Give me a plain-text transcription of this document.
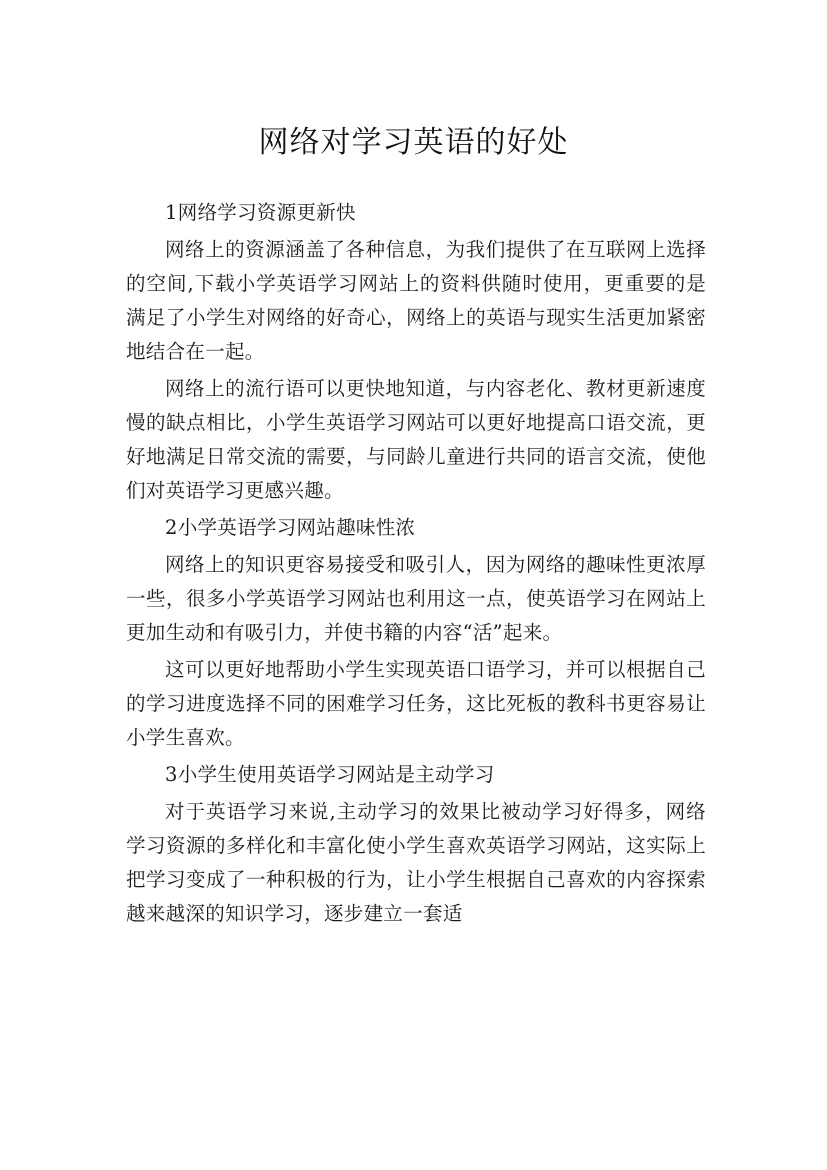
网络对学习英语的好处

1网络学习资源更新快

网络上的资源涵盖了各种信息，为我们提供了在互联网上选择的空间,下载小学英语学习网站上的资料供随时使用，更重要的是满足了小学生对网络的好奇心，网络上的英语与现实生活更加紧密地结合在一起。

网络上的流行语可以更快地知道，与内容老化、教材更新速度慢的缺点相比，小学生英语学习网站可以更好地提高口语交流，更好地满足日常交流的需要，与同龄儿童进行共同的语言交流，使他们对英语学习更感兴趣。

2小学英语学习网站趣味性浓

网络上的知识更容易接受和吸引人，因为网络的趣味性更浓厚一些，很多小学英语学习网站也利用这一点，使英语学习在网站上更加生动和有吸引力，并使书籍的内容“活”起来。

这可以更好地帮助小学生实现英语口语学习，并可以根据自己的学习进度选择不同的困难学习任务，这比死板的教科书更容易让小学生喜欢。

3小学生使用英语学习网站是主动学习

对于英语学习来说,主动学习的效果比被动学习好得多，网络学习资源的多样化和丰富化使小学生喜欢英语学习网站，这实际上把学习变成了一种积极的行为，让小学生根据自己喜欢的内容探索越来越深的知识学习，逐步建立一套适
